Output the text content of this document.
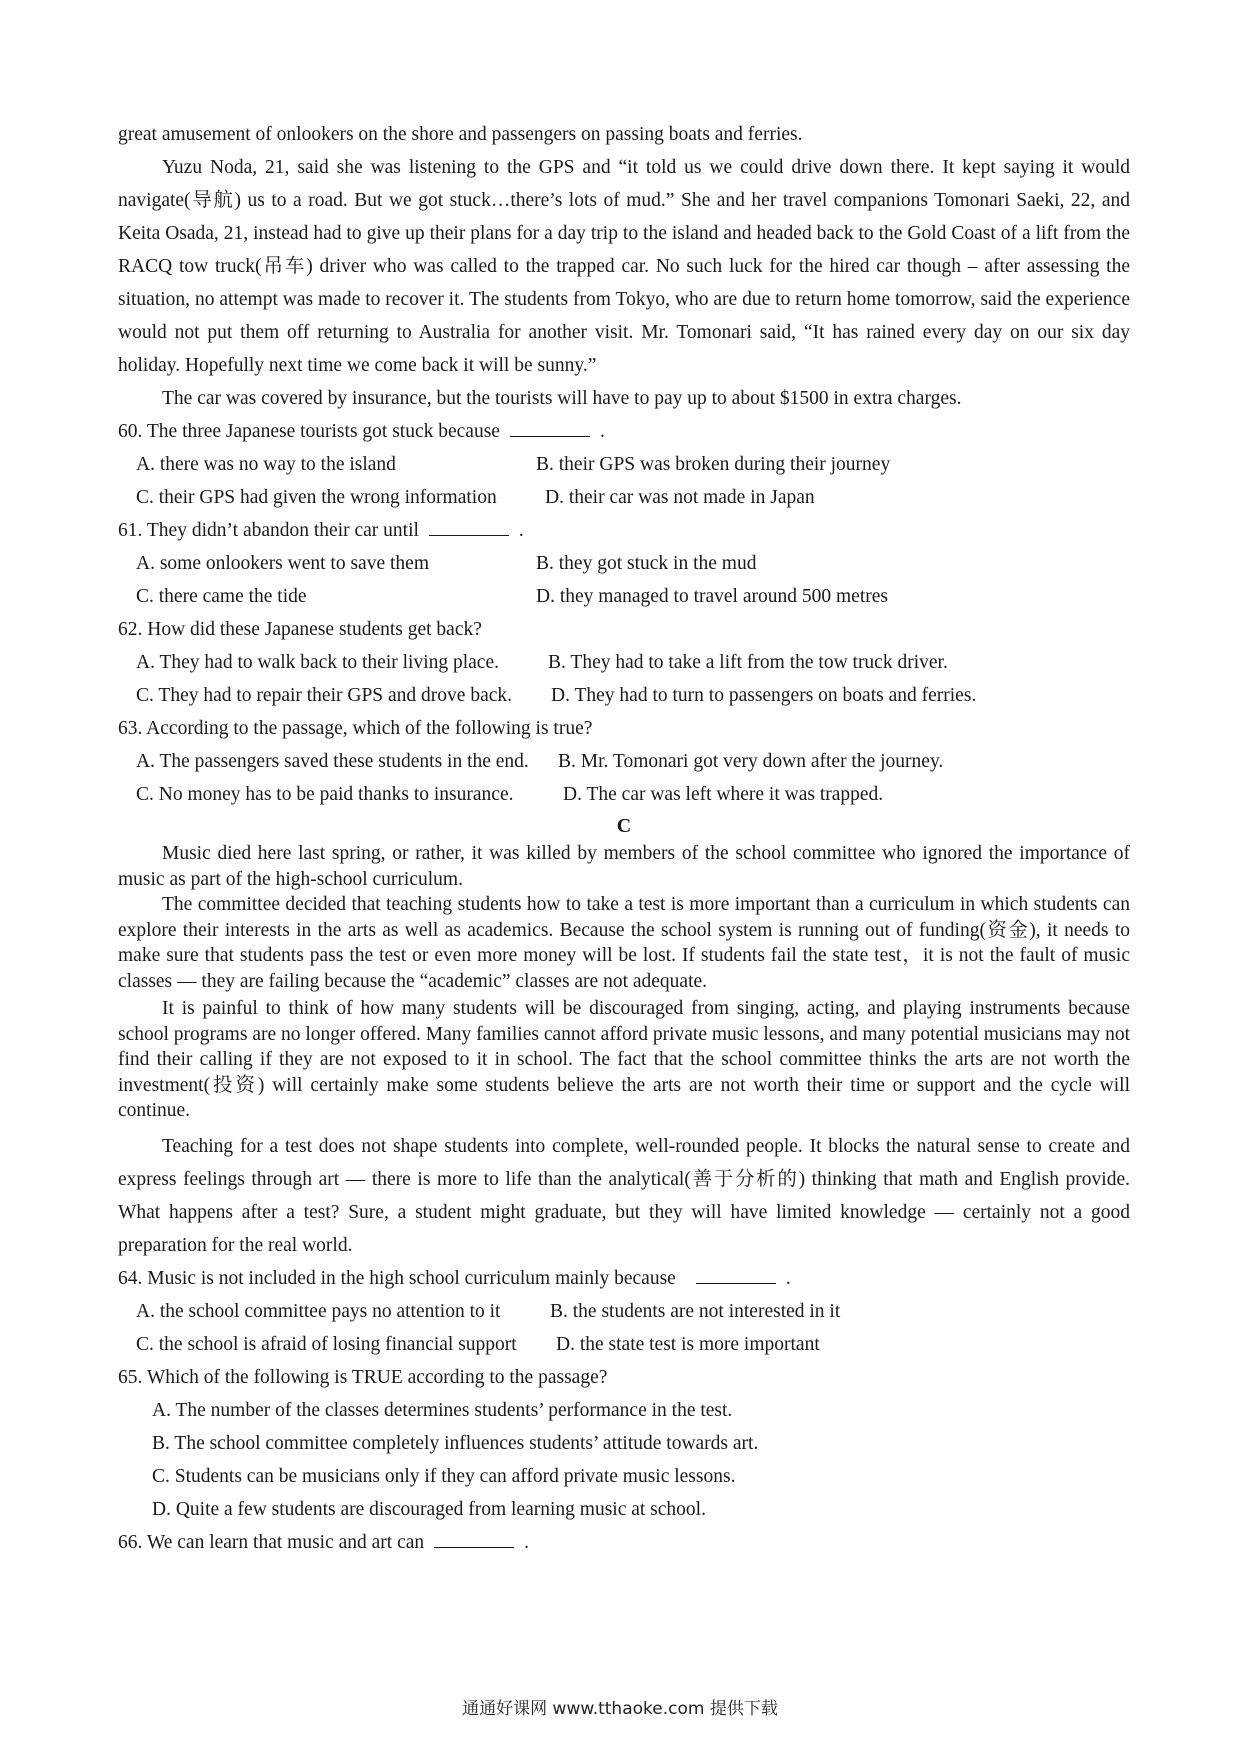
great amusement of onlookers on the shore and passengers on passing boats and ferries.

Yuzu Noda, 21, said she was listening to the GPS and “it told us we could drive down there. It kept saying it would navigate(导航) us to a road. But we got stuck…there’s lots of mud.” She and her travel companions Tomonari Saeki, 22, and Keita Osada, 21, instead had to give up their plans for a day trip to the island and headed back to the Gold Coast of a lift from the RACQ tow truck(吊车) driver who was called to the trapped car. No such luck for the hired car though – after assessing the situation, no attempt was made to recover it. The students from Tokyo, who are due to return home tomorrow, said the experience would not put them off returning to Australia for another visit. Mr. Tomonari said, “It has rained every day on our six day holiday. Hopefully next time we come back it will be sunny.”

The car was covered by insurance, but the tourists will have to pay up to about $1500 in extra charges.

60. The three Japanese tourists got stuck because	.

A. there was no way to the island	B. their GPS was broken during their journey
C. their GPS had given the wrong information D. their car was not made in Japan

61. They didn’t abandon their car until	.

A. some onlookers went to save them	B. they got stuck in the mud
C. there came the tide	D. they managed to travel around 500 metres

62. How did these Japanese students get back?

A. They had to walk back to their living place.	B. They had to take a lift from the tow truck driver.
C. They had to repair their GPS and drove back. D. They had to turn to passengers on boats and ferries.

63. According to the passage, which of the following is true?

A. The passengers saved these students in the end. B. Mr. Tomonari got very down after the journey.
C. No money has to be paid thanks to insurance.	D. The car was left where it was trapped.

C

Music died here last spring, or rather, it was killed by members of the school committee who ignored the importance of music as part of the high-school curriculum.

The committee decided that teaching students how to take a test is more important than a curriculum in which students can explore their interests in the arts as well as academics. Because the school system is running out of funding(资金), it needs to make sure that students pass the test or even more money will be lost. If students fail the state test，it is not the fault of music classes — they are failing because the “academic” classes are not adequate.

It is painful to think of how many students will be discouraged from singing, acting, and playing instruments because school programs are no longer offered. Many families cannot afford private music lessons, and many potential musicians may not find their calling if they are not exposed to it in school. The fact that the school committee thinks the arts are not worth the investment(投资) will certainly make some students believe the arts are not worth their time or support and the cycle will continue.

Teaching for a test does not shape students into complete, well-rounded people. It blocks the natural sense to create and express feelings through art — there is more to life than the analytical(善于分析的) thinking that math and English provide. What happens after a test? Sure, a student might graduate, but they will have limited knowledge — certainly not a good preparation for the real world.

64. Music is not included in the high school curriculum mainly because	.

A. the school committee pays no attention to it	B. the students are not interested in it
C. the school is afraid of losing financial support D. the state test is more important

65. Which of the following is TRUE according to the passage?

A. The number of the classes determines students’ performance in the test.
B. The school committee completely influences students’ attitude towards art.
C. Students can be musicians only if they can afford private music lessons.
D. Quite a few students are discouraged from learning music at school.

66. We can learn that music and art can	.

通通好课网 www.tthaoke.com 提供下载
